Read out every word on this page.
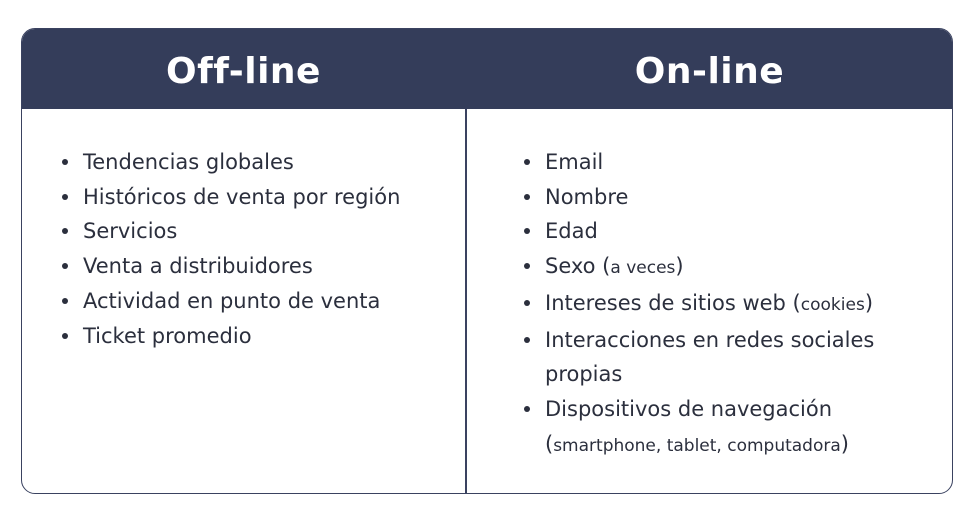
Off-line	On-line
Tendencias globales
Históricos de venta por región
Servicios
Venta a distribuidores
Actividad en punto de venta
Ticket promedio
Email
Nombre
Edad
Sexo (a veces)
Intereses de sitios web (cookies)
Interacciones en redes sociales propias
Dispositivos de navegación
(smartphone, tablet, computadora)
